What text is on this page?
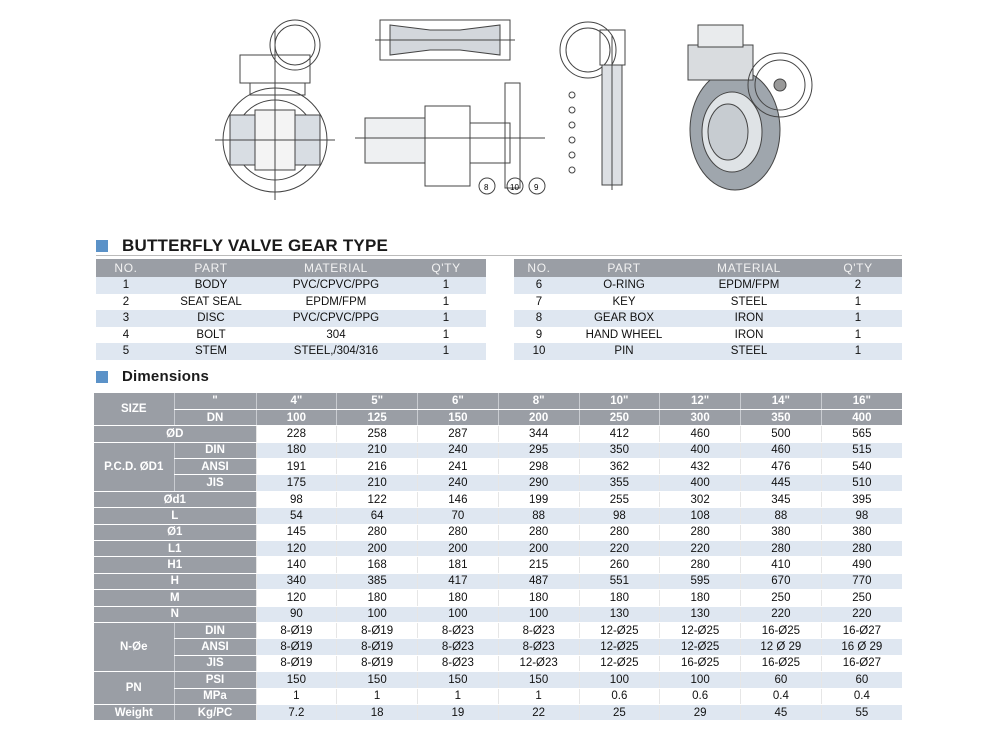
8	10 9
BUTTERFLY VALVE GEAR TYPE
NO.	PART	MATERIAL	Q'TY
1	BODY	PVC/CPVC/PPG	1
2	SEAT SEAL	EPDM/FPM	1
3	DISC	PVC/CPVC/PPG	1
4	BOLT	304	1
5	STEM	STEEL,/304/316	1
NO.	PART	MATERIAL	Q'TY
6	O-RING	EPDM/FPM	2
7	KEY	STEEL	1
8	GEAR BOX	IRON	1
9	HAND WHEEL	IRON	1
10	PIN	STEEL	1
Dimensions
SIZE	"	4"	5"	6"	8"	10"	12"	14"	16"
	DN	100	125	150	200	250	300	350	400
ØD		228	258	287	344	412	460	500	565
P.C.D. ØD1	DIN	180	210	240	295	350	400	460	515
	ANSI	191	216	241	298	362	432	476	540
	JIS	175	210	240	290	355	400	445	510
Ød1		98	122	146	199	255	302	345	395
L		54	64	70	88	98	108	88	98
Ø1		145	280	280	280	280	280	380	380
L1		120	200	200	200	220	220	280	280
H1		140	168	181	215	260	280	410	490
H		340	385	417	487	551	595	670	770
M		120	180	180	180	180	180	250	250
N		90	100	100	100	130	130	220	220
N-Øe	DIN	8-Ø19	8-Ø19	8-Ø23	8-Ø23	12-Ø25	12-Ø25	16-Ø25	16-Ø27
	ANSI	8-Ø19	8-Ø19	8-Ø23	8-Ø23	12-Ø25	12-Ø25	12 Ø 29	16 Ø 29
	JIS	8-Ø19	8-Ø19	8-Ø23	12-Ø23	12-Ø25	16-Ø25	16-Ø25	16-Ø27
PN	PSI	150	150	150	150	100	100	60	60
	MPa	1	1	1	1	0.6	0.6	0.4	0.4
Weight	Kg/PC	7.2	18	19	22	25	29	45	55
